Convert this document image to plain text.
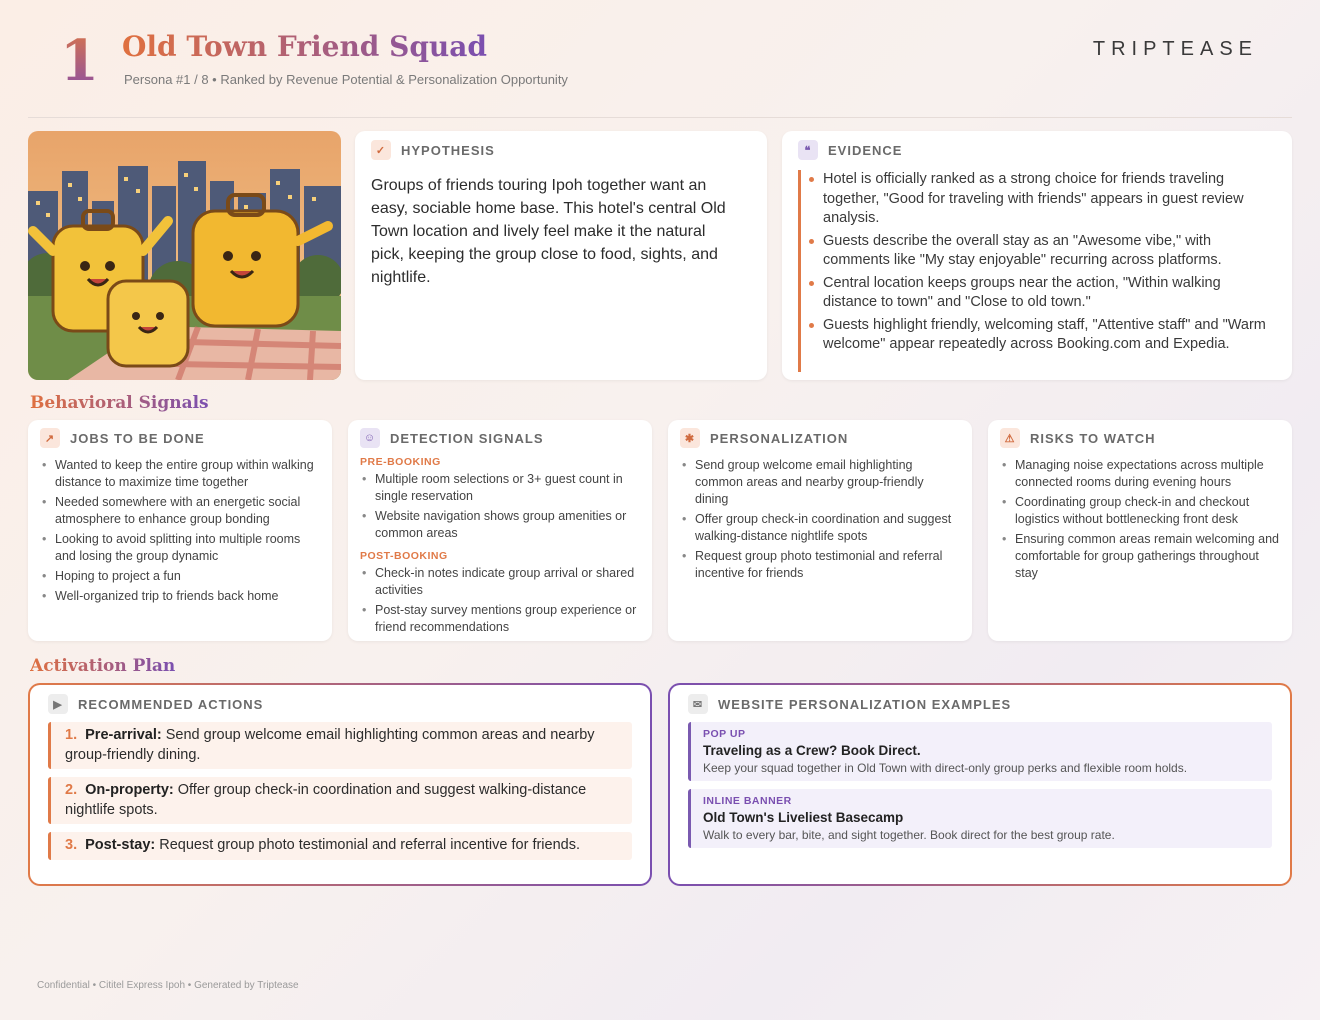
1 Old Town Friend Squad
Persona #1 / 8 • Ranked by Revenue Potential & Personalization Opportunity
TRIPTEASE
✓	HYPOTHESIS
Groups of friends touring Ipoh together want an easy, sociable home base. This hotel's central Old Town location and lively feel make it the natural pick, keeping the group close to food, sights, and nightlife.
❝	EVIDENCE
Hotel is officially ranked as a strong choice for friends traveling together, "Good for traveling with friends" appears in guest review analysis.
Guests describe the overall stay as an "Awesome vibe," with comments like "My stay enjoyable" recurring across platforms.
Central location keeps groups near the action, "Within walking distance to town" and "Close to old town."
Guests highlight friendly, welcoming staff, "Attentive staff" and "Warm welcome" appear repeatedly across Booking.com and Expedia.
Behavioral Signals
↗	JOBS TO BE DONE
• Wanted to keep the entire group within walking distance to maximize time together
• Needed somewhere with an energetic social atmosphere to enhance group bonding
• Looking to avoid splitting into multiple rooms and losing the group dynamic
• Hoping to project a fun
• Well-organized trip to friends back home
☺ DETECTION SIGNALS
PRE-BOOKING
• Multiple room selections or 3+ guest count in single reservation
• Website navigation shows group amenities or common areas
POST-BOOKING
• Check-in notes indicate group arrival or shared activities
• Post-stay survey mentions group experience or friend recommendations
✱	PERSONALIZATION
• Send group welcome email highlighting common areas and nearby group-friendly dining
• Offer group check-in coordination and suggest walking-distance nightlife spots
• Request group photo testimonial and referral incentive for friends
⚠	RISKS TO WATCH
• Managing noise expectations across multiple connected rooms during evening hours
• Coordinating group check-in and checkout logistics without bottlenecking front desk
• Ensuring common areas remain welcoming and comfortable for group gatherings throughout stay
Activation Plan
▶	RECOMMENDED ACTIONS
1. Pre-arrival: Send group welcome email highlighting common areas and nearby group-friendly dining.
2. On-property: Offer group check-in coordination and suggest walking-distance nightlife spots.
3. Post-stay: Request group photo testimonial and referral incentive for friends.
✉	WEBSITE PERSONALIZATION EXAMPLES
POP UP
Traveling as a Crew? Book Direct.
Keep your squad together in Old Town with direct-only group perks and flexible room holds.
INLINE BANNER
Old Town's Liveliest Basecamp
Walk to every bar, bite, and sight together. Book direct for the best group rate.
Confidential • Cititel Express Ipoh • Generated by Triptease
